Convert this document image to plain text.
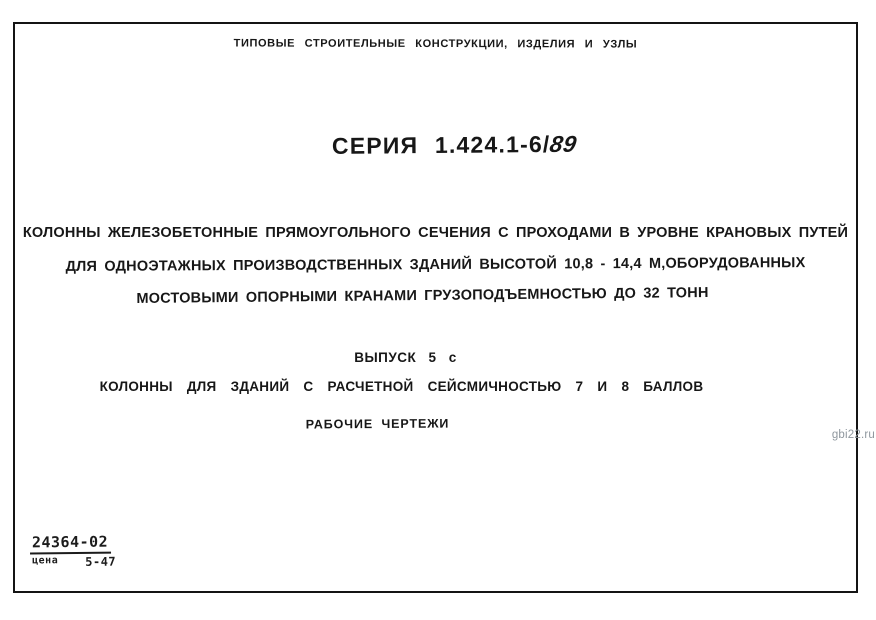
ТИПОВЫЕ СТРОИТЕЛЬНЫЕ КОНСТРУКЦИИ, ИЗДЕЛИЯ И УЗЛЫ
СЕРИЯ 1.424.1-6/89
КОЛОННЫ ЖЕЛЕЗОБЕТОННЫЕ ПРЯМОУГОЛЬНОГО СЕЧЕНИЯ С ПРОХОДАМИ В УРОВНЕ КРАНОВЫХ ПУТЕЙ
ДЛЯ ОДНОЭТАЖНЫХ ПРОИЗВОДСТВЕННЫХ ЗДАНИЙ ВЫСОТОЙ 10,8 - 14,4 М,ОБОРУДОВАННЫХ
МОСТОВЫМИ ОПОРНЫМИ КРАНАМИ ГРУЗОПОДЪЕМНОСТЬЮ ДО 32 ТОНН
ВЫПУСК 5 с
КОЛОННЫ ДЛЯ ЗДАНИЙ С РАСЧЕТНОЙ СЕЙСМИЧНОСТЬЮ 7 И 8 БАЛЛОВ
РАБОЧИЕ ЧЕРТЕЖИ
24364-02
цена 5-47
gbi22.ru
